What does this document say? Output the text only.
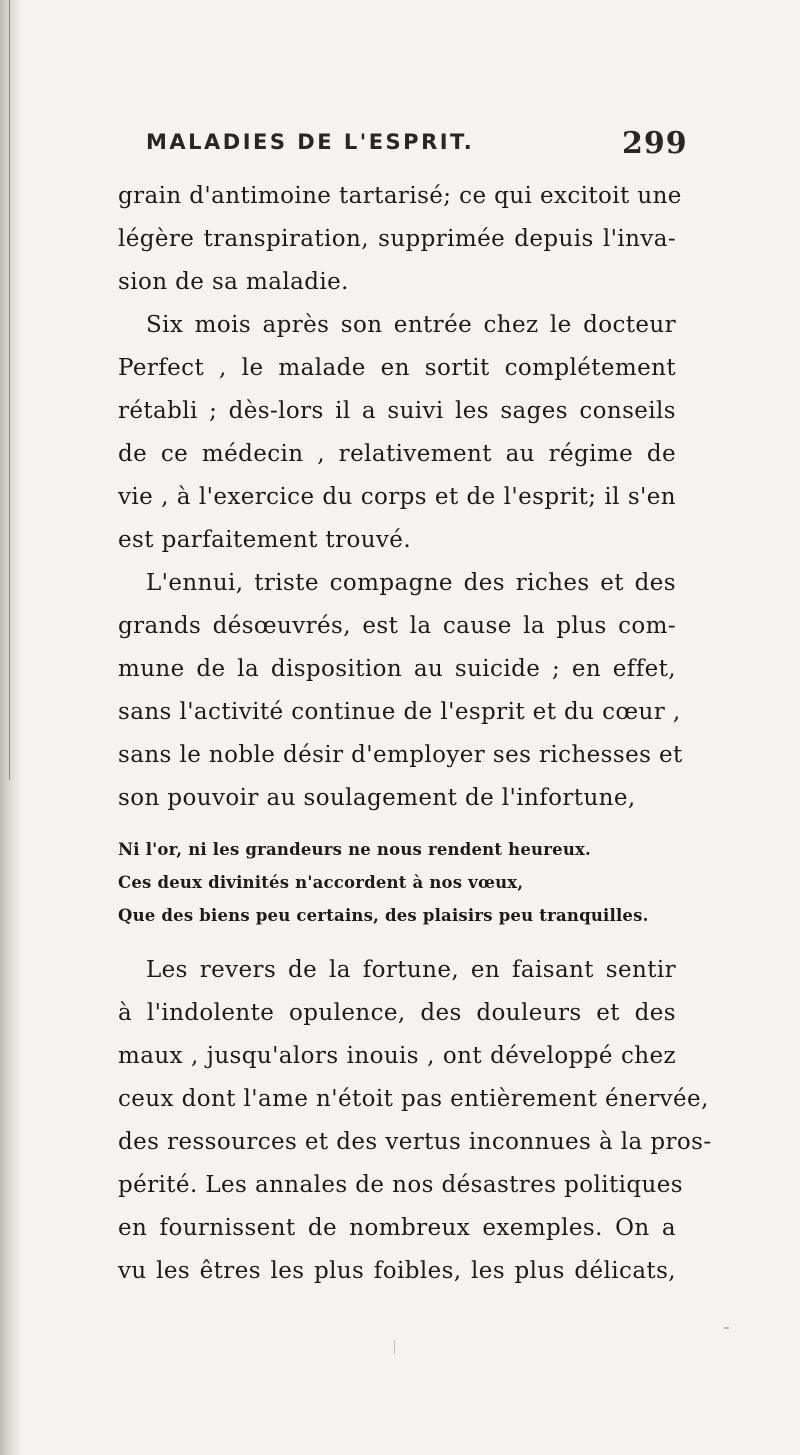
MALADIES DE L'ESPRIT.	299
grain d'antimoine tartarisé; ce qui excitoit une
légère transpiration, supprimée depuis l'inva-
sion de sa maladie.
Six mois après son entrée chez le docteur
Perfect , le malade en sortit complétement
rétabli ; dès-lors il a suivi les sages conseils
de ce médecin , relativement au régime de
vie , à l'exercice du corps et de l'esprit; il s'en
est parfaitement trouvé.
L'ennui, triste compagne des riches et des
grands désœuvrés, est la cause la plus com-
mune de la disposition au suicide ; en effet,
sans l'activité continue de l'esprit et du cœur ,
sans le noble désir d'employer ses richesses et
son pouvoir au soulagement de l'infortune,
Ni l'or, ni les grandeurs ne nous rendent heureux.
Ces deux divinités n'accordent à nos vœux,
Que des biens peu certains, des plaisirs peu tranquilles.
Les revers de la fortune, en faisant sentir
à l'indolente opulence, des douleurs et des
maux , jusqu'alors inouis , ont développé chez
ceux dont l'ame n'étoit pas entièrement énervée,
des ressources et des vertus inconnues à la pros-
périté. Les annales de nos désastres politiques
en fournissent de nombreux exemples. On a
vu les êtres les plus foibles, les plus délicats,
